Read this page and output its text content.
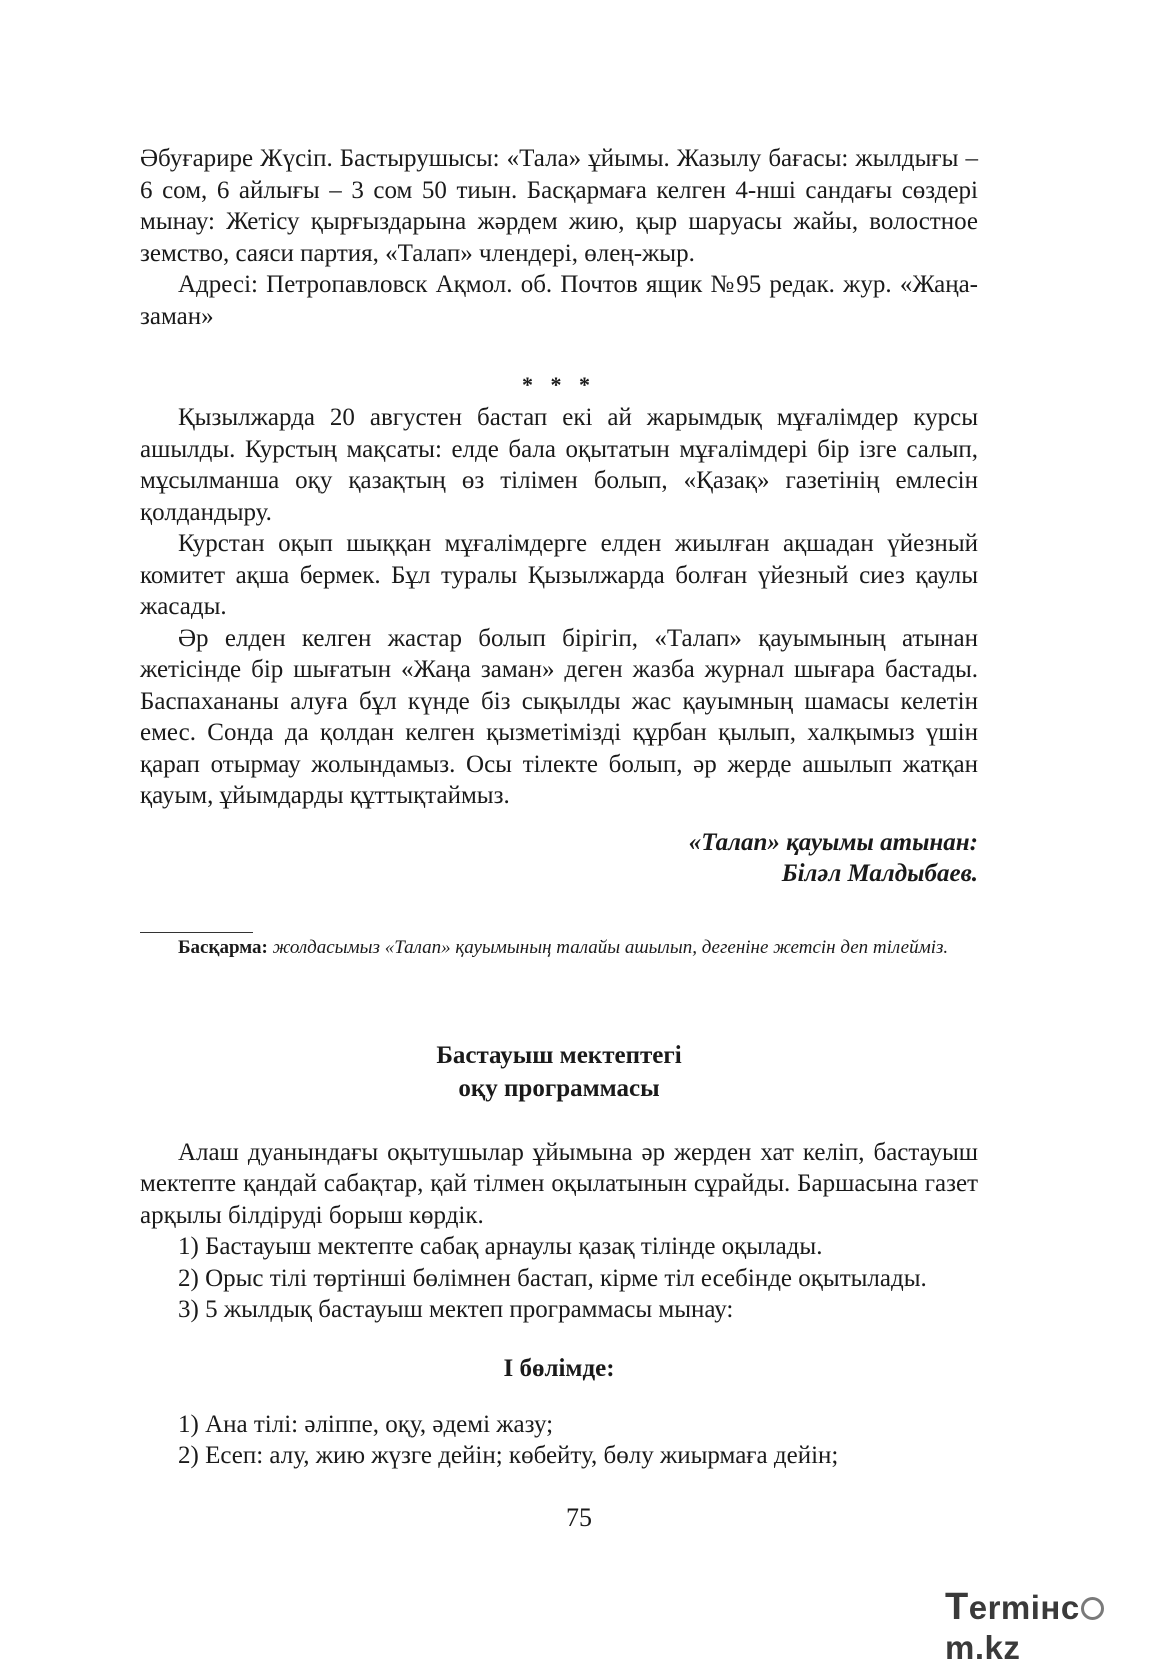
Әбуғарире Жүсіп. Бастырушысы: «Тала» ұйымы. Жазылу бағасы: жылдығы – 6 сом, 6 айлығы – 3 сом 50 тиын. Басқармаға келген 4-нші сандағы сөздері мынау: Жетісу қырғыздарына жәрдем жию, қыр шаруасы жайы, волостное земство, саяси партия, «Талап» члендері, өлең-жыр.

Адресі: Петропавловск Ақмол. об. Почтов ящик №95 редак. жур. «Жаңа-заман»

* * *

Қызылжарда 20 августен бастап екі ай жарымдық мұғалімдер курсы ашылды. Курстың мақсаты: елде бала оқытатын мұғалімдері бір ізге салып, мұсылманша оқу қазақтың өз тілімен болып, «Қазақ» газетінің емлесін қолдандыру.

Курстан оқып шыққан мұғалімдерге елден жиылған ақшадан үйезный комитет ақша бермек. Бұл туралы Қызылжарда болған үйезный сиез қаулы жасады.

Әр елден келген жастар болып бірігіп, «Талап» қауымының атынан жетісінде бір шығатын «Жаңа заман» деген жазба журнал шығара бастады. Баспахананы алуға бұл күнде біз сықылды жас қауымның шамасы келетін емес. Сонда да қолдан келген қызметімізді құрбан қылып, халқымыз үшін қарап отырмау жолындамыз. Осы тілекте болып, әр жерде ашылып жатқан қауым, ұйымдарды құттықтаймыз.

«Талап» қауымы атынан:
Біләл Малдыбаев.
Басқарма: жолдасымыз «Талап» қауымының талайы ашылып, дегеніне жетсін деп тілейміз.
Бастауыш мектептегі
оқу программасы

Алаш дуанындағы оқытушылар ұйымына әр жерден хат келіп, бастауыш мектепте қандай сабақтар, қай тілмен оқылатынын сұрайды. Баршасына газет арқылы білдіруді борыш көрдік.

1) Бастауыш мектепте сабақ арнаулы қазақ тілінде оқылады.

2) Орыс тілі төртінші бөлімнен бастап, кірме тіл есебінде оқытылады.

3) 5 жылдық бастауыш мектеп программасы мынау:

I бөлімде:

1) Ана тілі: әліппе, оқу, әдемі жазу;

2) Есеп: алу, жию жүзге дейін; көбейту, бөлу жиырмаға дейін;

75
Termінcm.kz
